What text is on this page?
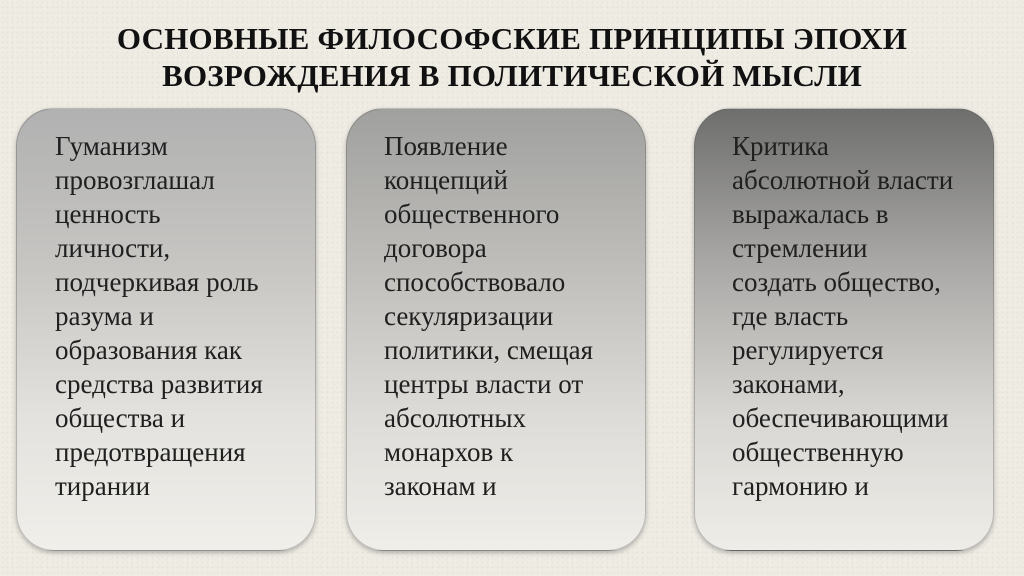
ОСНОВНЫЕ ФИЛОСОФСКИЕ ПРИНЦИПЫ ЭПОХИ
ВОЗРОЖДЕНИЯ В ПОЛИТИЧЕСКОЙ МЫСЛИ

Гуманизм
провозглашал
ценность
личности,
подчеркивая роль
разума и
образования как
средства развития
общества и
предотвращения
тирании

Появление
концепций
общественного
договора
способствовало
секуляризации
политики, смещая
центры власти от
абсолютных
монархов к
законам и

Критика
абсолютной власти
выражалась в
стремлении
создать общество,
где власть
регулируется
законами,
обеспечивающими
общественную
гармонию и
